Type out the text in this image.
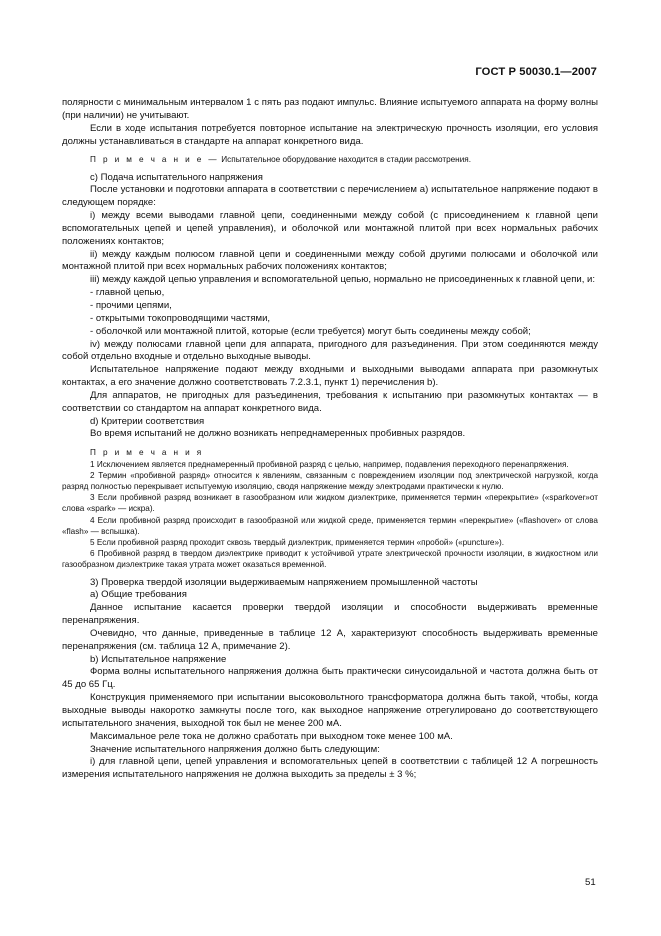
ГОСТ Р 50030.1—2007

полярности с минимальным интервалом 1 с пять раз подают импульс. Влияние испытуемого аппарата на форму волны (при наличии) не учитывают.

Если в ходе испытания потребуется повторное испытание на электрическую прочность изоляции, его условия должны устанавливаться в стандарте на аппарат конкретного вида.

П р и м е ч а н и е — Испытательное оборудование находится в стадии рассмотрения.

c) Подача испытательного напряжения

После установки и подготовки аппарата в соответствии с перечислением а) испытательное напряжение подают в следующем порядке:

i) между всеми выводами главной цепи, соединенными между собой (с присоединением к главной цепи вспомогательных цепей и цепей управления), и оболочкой или монтажной плитой при всех нормальных рабочих положениях контактов;

ii) между каждым полюсом главной цепи и соединенными между собой другими полюсами и оболочкой или монтажной плитой при всех нормальных рабочих положениях контактов;

iii) между каждой цепью управления и вспомогательной цепью, нормально не присоединенных к главной цепи, и:

- главной цепью,

- прочими цепями,

- открытыми токопроводящими частями,

- оболочкой или монтажной плитой, которые (если требуется) могут быть соединены между собой;

iv) между полюсами главной цепи для аппарата, пригодного для разъединения. При этом соединяются между собой отдельно входные и отдельно выходные выводы.

Испытательное напряжение подают между входными и выходными выводами аппарата при разомкнутых контактах, а его значение должно соответствовать 7.2.3.1, пункт 1) перечисления b).

Для аппаратов, не пригодных для разъединения, требования к испытанию при разомкнутых контактах — в соответствии со стандартом на аппарат конкретного вида.

d) Критерии соответствия

Во время испытаний не должно возникать непреднамеренных пробивных разрядов.

П р и м е ч а н и я

1 Исключением является преднамеренный пробивной разряд с целью, например, подавления переходного перенапряжения.

2 Термин «пробивной разряд» относится к явлениям, связанным с повреждением изоляции под электрической нагрузкой, когда разряд полностью перекрывает испытуемую изоляцию, сводя напряжение между электродами практически к нулю.

3 Если пробивной разряд возникает в газообразном или жидком диэлектрике, применяется термин «перекрытие» («sparkover»от слова «spark» — искра).

4 Если пробивной разряд происходит в газообразной или жидкой среде, применяется термин «перекрытие» («flashover» от слова «flash» — вспышка).

5 Если пробивной разряд проходит сквозь твердый диэлектрик, применяется термин «пробой» («puncture»).

6 Пробивной разряд в твердом диэлектрике приводит к устойчивой утрате электрической прочности изоляции, в жидкостном или газообразном диэлектрике такая утрата может оказаться временной.

3) Проверка твердой изоляции выдерживаемым напряжением промышленной частоты

а) Общие требования

Данное испытание касается проверки твердой изоляции и способности выдерживать временные перенапряжения.

Очевидно, что данные, приведенные в таблице 12 А, характеризуют способность выдерживать временные перенапряжения (см. таблица 12 А, примечание 2).

b) Испытательное напряжение

Форма волны испытательного напряжения должна быть практически синусоидальной и частота должна быть от 45 до 65 Гц.

Конструкция применяемого при испытании высоковольтного трансформатора должна быть такой, чтобы, когда выходные выводы накоротко замкнуты после того, как выходное напряжение отрегулировано до соответствующего испытательного значения, выходной ток был не менее 200 мА.

Максимальное реле тока не должно сработать при выходном токе менее 100 мА.

Значение испытательного напряжения должно быть следующим:

i) для главной цепи, цепей управления и вспомогательных цепей в соответствии с таблицей 12 А погрешность измерения испытательного напряжения не должна выходить за пределы ± 3 %;

51
